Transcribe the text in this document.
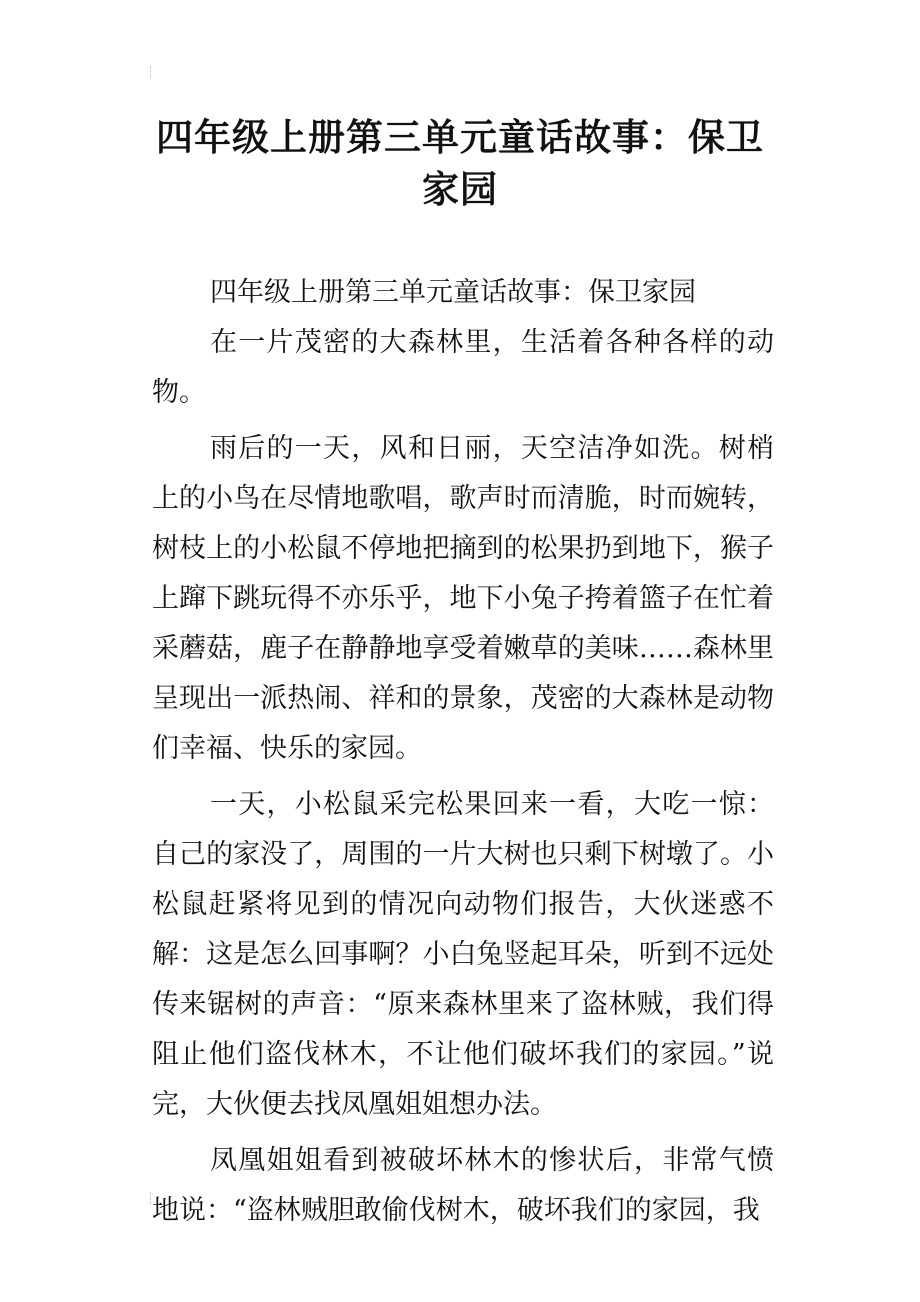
四年级上册第三单元童话故事：保卫家园

四年级上册第三单元童话故事：保卫家园

在一片茂密的大森林里，生活着各种各样的动物。

雨后的一天，风和日丽，天空洁净如洗。树梢上的小鸟在尽情地歌唱，歌声时而清脆，时而婉转，树枝上的小松鼠不停地把摘到的松果扔到地下，猴子上蹿下跳玩得不亦乐乎，地下小兔子挎着篮子在忙着采蘑菇，鹿子在静静地享受着嫩草的美味……森林里呈现出一派热闹、祥和的景象，茂密的大森林是动物们幸福、快乐的家园。

一天，小松鼠采完松果回来一看，大吃一惊：自己的家没了，周围的一片大树也只剩下树墩了。小松鼠赶紧将见到的情况向动物们报告，大伙迷惑不解：这是怎么回事啊？小白兔竖起耳朵，听到不远处传来锯树的声音：“原来森林里来了盗林贼，我们得阻止他们盗伐林木，不让他们破坏我们的家园。”说完，大伙便去找凤凰姐姐想办法。

凤凰姐姐看到被破坏林木的惨状后，非常气愤地说：“盗林贼胆敢偷伐树木，破坏我们的家园，我
